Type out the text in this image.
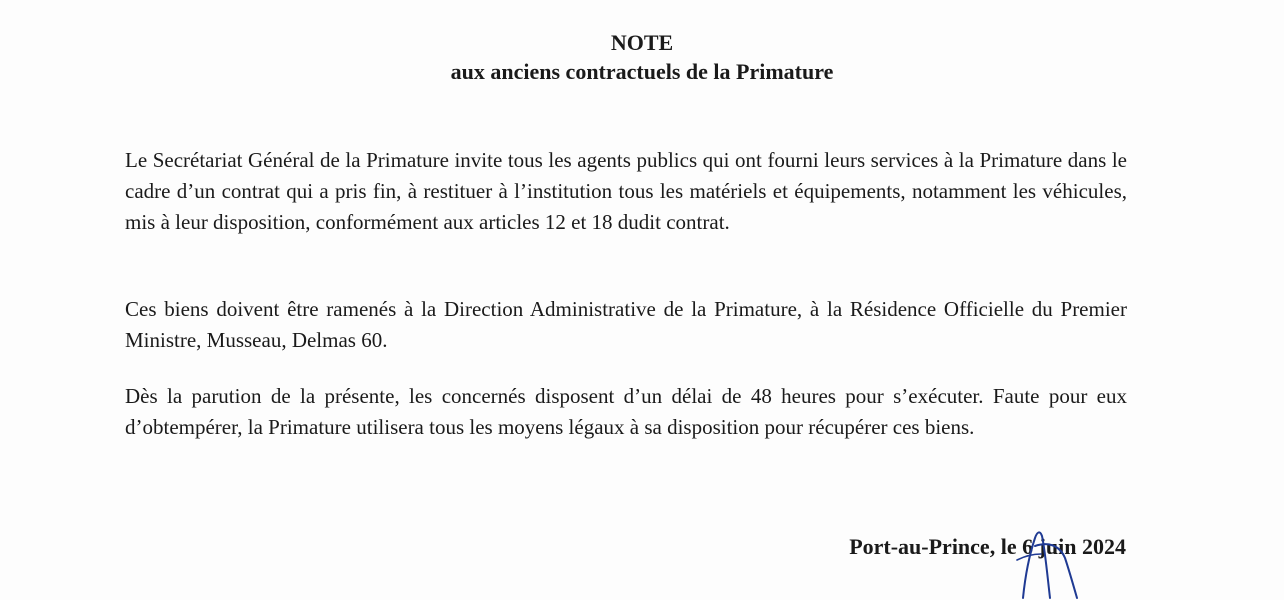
NOTE
aux anciens contractuels de la Primature

Le Secrétariat Général de la Primature invite tous les agents publics qui ont fourni leurs services à la Primature dans le cadre d’un contrat qui a pris fin, à restituer à l’institution tous les matériels et équipements, notamment les véhicules, mis à leur disposition, conformément aux articles 12 et 18 dudit contrat.

Ces biens doivent être ramenés à la Direction Administrative de la Primature, à la Résidence Officielle du Premier Ministre, Musseau, Delmas 60.

Dès la parution de la présente, les concernés disposent d’un délai de 48 heures pour s’exécuter. Faute pour eux d’obtempérer, la Primature utilisera tous les moyens légaux à sa disposition pour récupérer ces biens.

Port-au-Prince, le 6 juin 2024
